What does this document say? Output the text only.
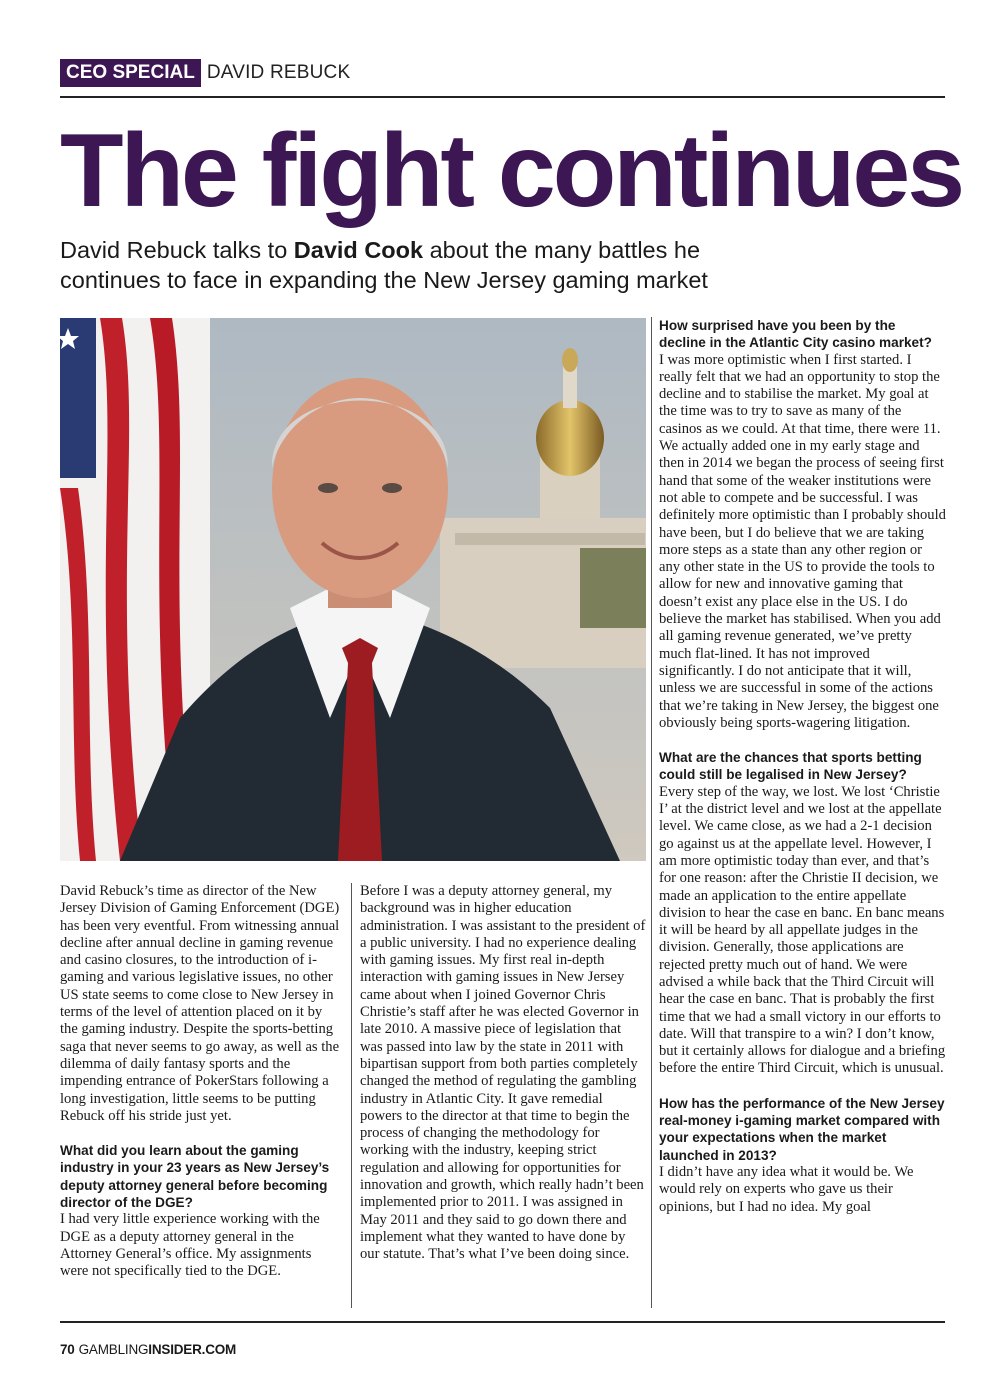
CEO SPECIAL DAVID REBUCK
The fight continues
David Rebuck talks to David Cook about the many battles he continues to face in expanding the New Jersey gaming market

David Rebuck’s time as director of the New Jersey Division of Gaming Enforcement (DGE) has been very eventful. From witnessing annual decline after annual decline in gaming revenue and casino closures, to the introduction of i-gaming and various legislative issues, no other US state seems to come close to New Jersey in terms of the level of attention placed on it by the gaming industry. Despite the sports-betting saga that never seems to go away, as well as the dilemma of daily fantasy sports and the impending entrance of PokerStars following a long investigation, little seems to be putting Rebuck off his stride just yet.

What did you learn about the gaming industry in your 23 years as New Jersey’s deputy attorney general before becoming director of the DGE?

I had very little experience working with the DGE as a deputy attorney general in the Attorney General’s office. My assignments were not specifically tied to the DGE.

Before I was a deputy attorney general, my background was in higher education administration. I was assistant to the president of a public university. I had no experience dealing with gaming issues. My first real in-depth interaction with gaming issues in New Jersey came about when I joined Governor Chris Christie’s staff after he was elected Governor in late 2010. A massive piece of legislation that was passed into law by the state in 2011 with bipartisan support from both parties completely changed the method of regulating the gambling industry in Atlantic City. It gave remedial powers to the director at that time to begin the process of changing the methodology for working with the industry, keeping strict regulation and allowing for opportunities for innovation and growth, which really hadn’t been implemented prior to 2011. I was assigned in May 2011 and they said to go down there and implement what they wanted to have done by our statute. That’s what I’ve been doing since.

How surprised have you been by the decline in the Atlantic City casino market?

I was more optimistic when I first started. I really felt that we had an opportunity to stop the decline and to stabilise the market. My goal at the time was to try to save as many of the casinos as we could. At that time, there were 11. We actually added one in my early stage and then in 2014 we began the process of seeing first hand that some of the weaker institutions were not able to compete and be successful. I was definitely more optimistic than I probably should have been, but I do believe that we are taking more steps as a state than any other region or any other state in the US to provide the tools to allow for new and innovative gaming that doesn’t exist any place else in the US. I do believe the market has stabilised. When you add all gaming revenue generated, we’ve pretty much flat-lined. It has not improved significantly. I do not anticipate that it will, unless we are successful in some of the actions that we’re taking in New Jersey, the biggest one obviously being sports-wagering litigation.

What are the chances that sports betting could still be legalised in New Jersey?

Every step of the way, we lost. We lost ‘Christie I’ at the district level and we lost at the appellate level. We came close, as we had a 2-1 decision go against us at the appellate level. However, I am more optimistic today than ever, and that’s for one reason: after the Christie II decision, we made an application to the entire appellate division to hear the case en banc. En banc means it will be heard by all appellate judges in the division. Generally, those applications are rejected pretty much out of hand. We were advised a while back that the Third Circuit will hear the case en banc. That is probably the first time that we had a small victory in our efforts to date. Will that transpire to a win? I don’t know, but it certainly allows for dialogue and a briefing before the entire Third Circuit, which is unusual.

How has the performance of the New Jersey real-money i-gaming market compared with your expectations when the market launched in 2013?

I didn’t have any idea what it would be. We would rely on experts who gave us their opinions, but I had no idea. My goal

70 GAMBLINGINSIDER.COM
